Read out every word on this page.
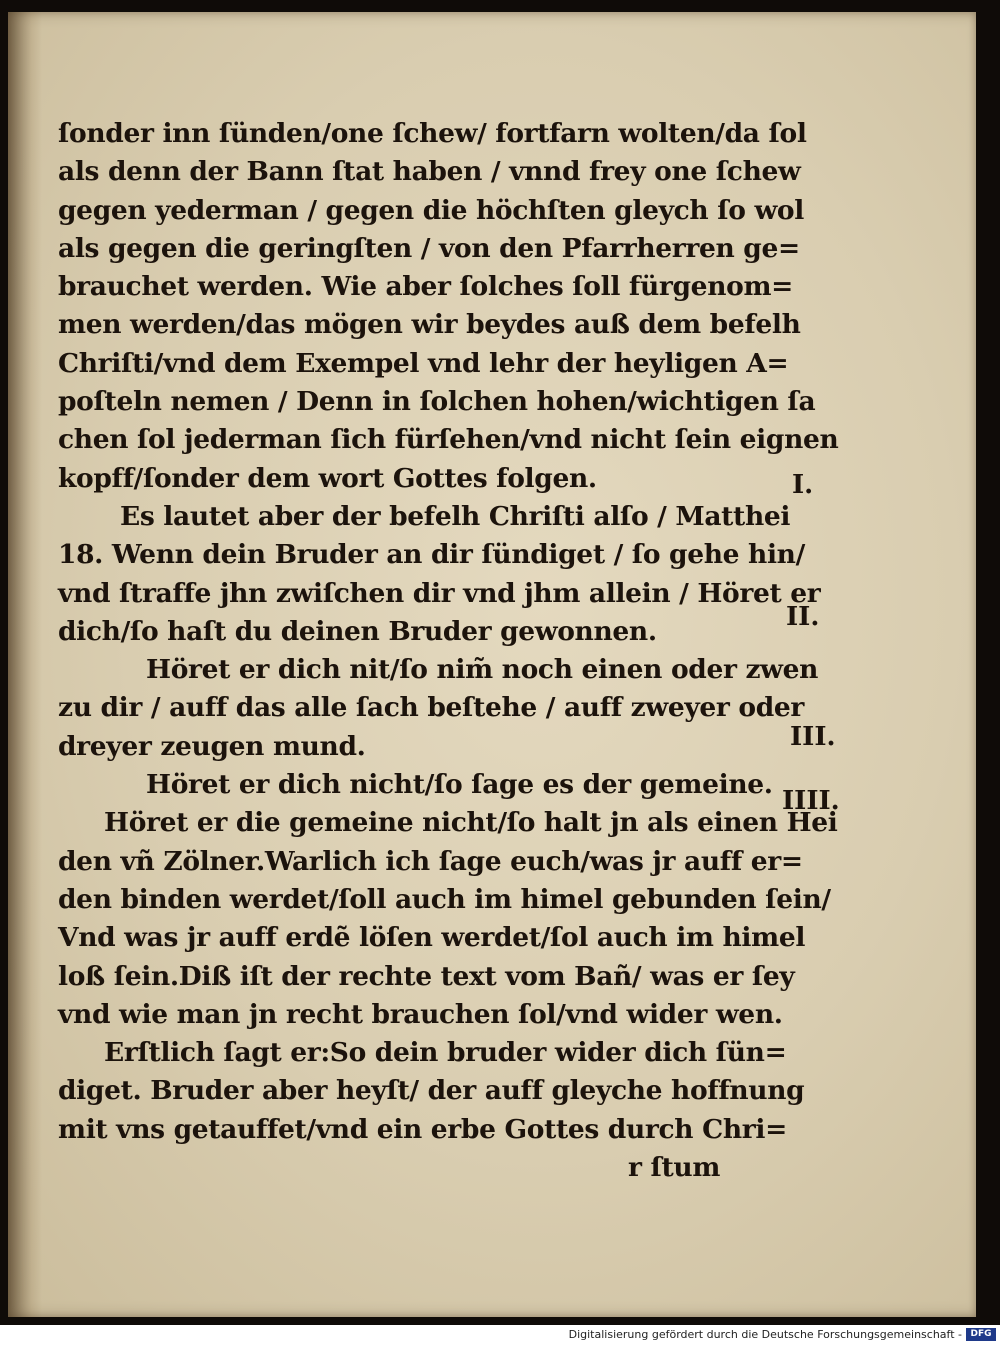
ſonder inn ſünden/one ſchew/ fortfarn wolten/da ſol
als denn der Bann ſtat haben / vnnd frey one ſchew
gegen yederman / gegen die höchſten gleych ſo wol
als gegen die geringſten / von den Pfarrherren ge=
brauchet werden. Wie aber ſolches ſoll fürgenom=
men werden/das mögen wir beydes auß dem befelh
Chriſti/vnd dem Exempel vnd lehr der heyligen A=
poſteln nemen / Denn in ſolchen hohen/wichtigen ſa
chen ſol jederman ſich fürſehen/vnd nicht ſein eignen
kopff/ſonder dem wort Gottes folgen.
Es lautet aber der befelh Chriſti alſo / Matthei
18. Wenn dein Bruder an dir ſündiget / ſo gehe hin/
vnd ſtraffe jhn zwiſchen dir vnd jhm allein / Höret er
dich/ſo haſt du deinen Bruder gewonnen.
Höret er dich nit/ſo nim̃ noch einen oder zwen
zu dir / auff das alle ſach beſtehe / auff zweyer oder
dreyer zeugen mund.
Höret er dich nicht/ſo ſage es der gemeine.
Höret er die gemeine nicht/ſo halt jn als einen Hei
den vñ Zölner.Warlich ich ſage euch/was jr auff er=
den binden werdet/ſoll auch im himel gebunden ſein/
Vnd was jr auff erdẽ löſen werdet/ſol auch im himel
loß ſein.Diß iſt der rechte text vom Bañ/ was er ſey
vnd wie man jn recht brauchen ſol/vnd wider wen.
Erſtlich ſagt er:So dein bruder wider dich ſün=
diget. Bruder aber heyſt/ der auff gleyche hoffnung
mit vns getauffet/vnd ein erbe Gottes durch Chri=
r ſtum
I.
II.
III.
IIII.
Digitalisierung gefördert durch die Deutsche Forschungsgemeinschaft - DFG
